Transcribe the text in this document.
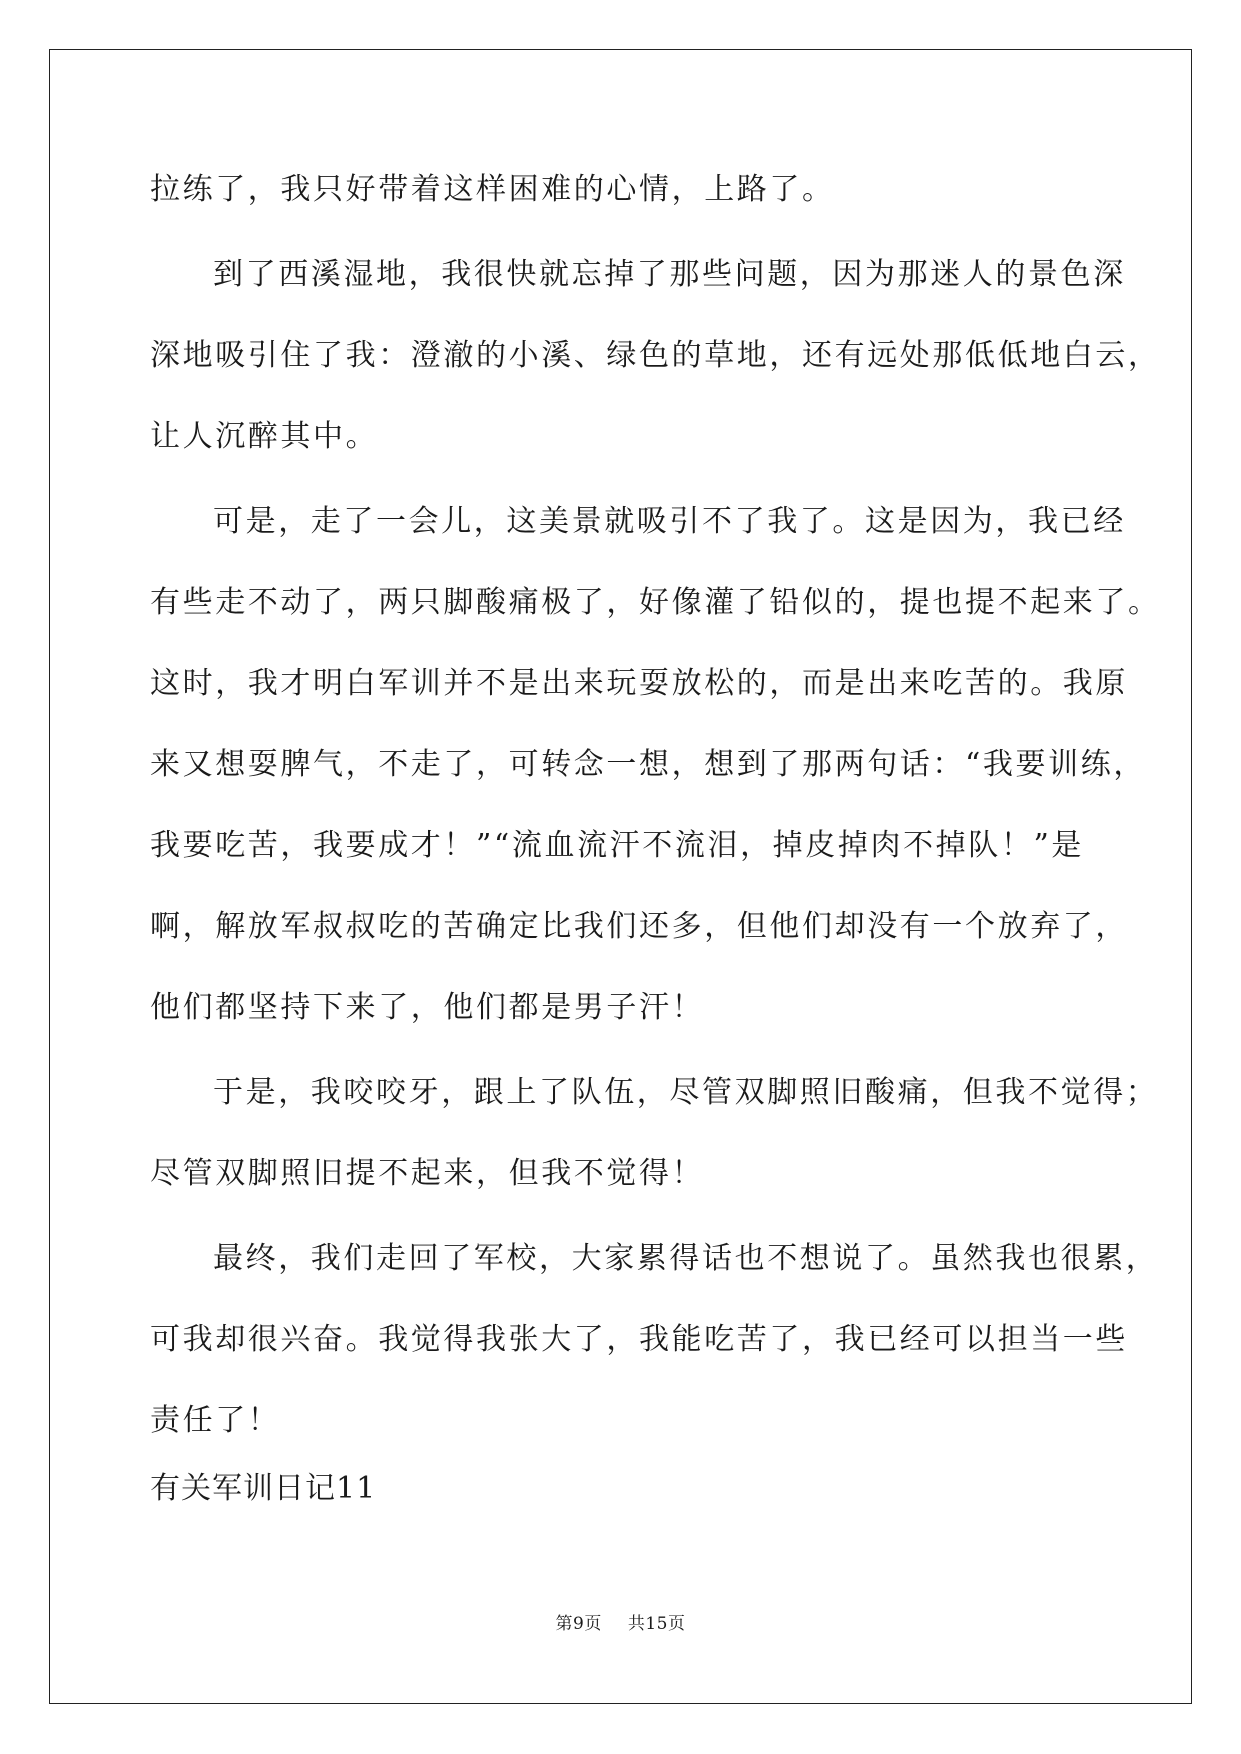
拉练了，我只好带着这样困难的心情，上路了。

到了西溪湿地，我很快就忘掉了那些问题，因为那迷人的景色深

深地吸引住了我：澄澈的小溪、绿色的草地，还有远处那低低地白云，

让人沉醉其中。

可是，走了一会儿，这美景就吸引不了我了。这是因为，我已经

有些走不动了，两只脚酸痛极了，好像灌了铅似的，提也提不起来了。

这时，我才明白军训并不是出来玩耍放松的，而是出来吃苦的。我原

来又想耍脾气，不走了，可转念一想，想到了那两句话：“我要训练，

我要吃苦，我要成才！”“流血流汗不流泪，掉皮掉肉不掉队！”是

啊，解放军叔叔吃的苦确定比我们还多，但他们却没有一个放弃了，

他们都坚持下来了，他们都是男子汗！

于是，我咬咬牙，跟上了队伍，尽管双脚照旧酸痛，但我不觉得；

尽管双脚照旧提不起来，但我不觉得！

最终，我们走回了军校，大家累得话也不想说了。虽然我也很累，

可我却很兴奋。我觉得我张大了，我能吃苦了，我已经可以担当一些

责任了！

有关军训日记11
第9页 共15页
